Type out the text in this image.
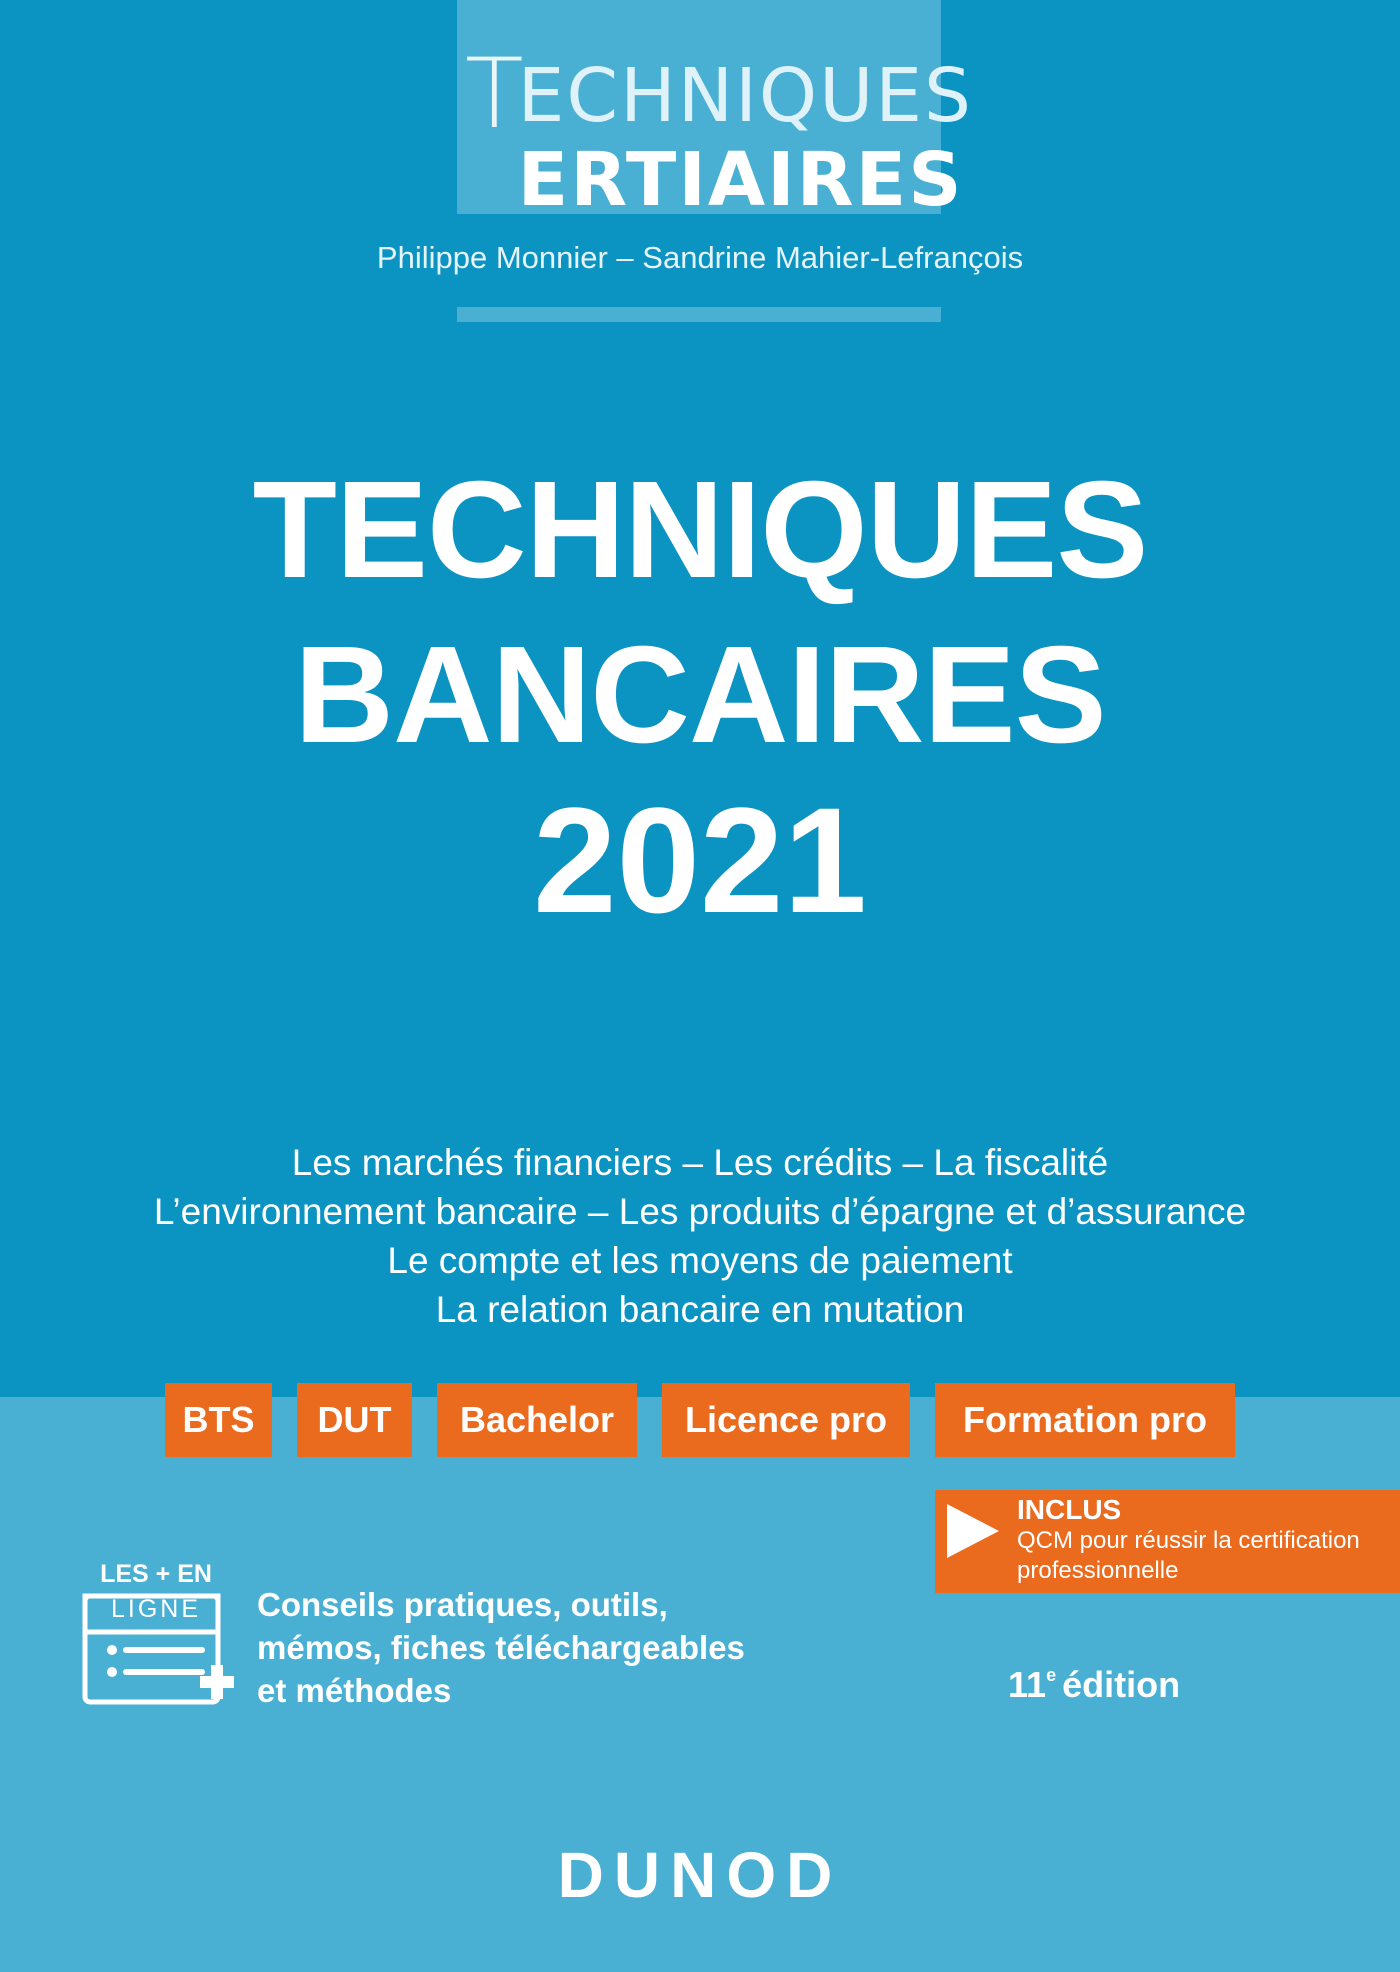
TECHNIQUES
ERTIAIRES
Philippe Monnier – Sandrine Mahier-Lefrançois
TECHNIQUES
BANCAIRES
2021
Les marchés financiers – Les crédits – La fiscalité
L’environnement bancaire – Les produits d’épargne et d’assurance
Le compte et les moyens de paiement
La relation bancaire en mutation
BTS	DUT	Bachelor	Licence pro	Formation pro
INCLUS
QCM pour réussir la certification professionnelle
LES + EN
LIGNE	Conseils pratiques, outils,
mémos, fiches téléchargeables
et méthodes	11e édition
DUNOD
